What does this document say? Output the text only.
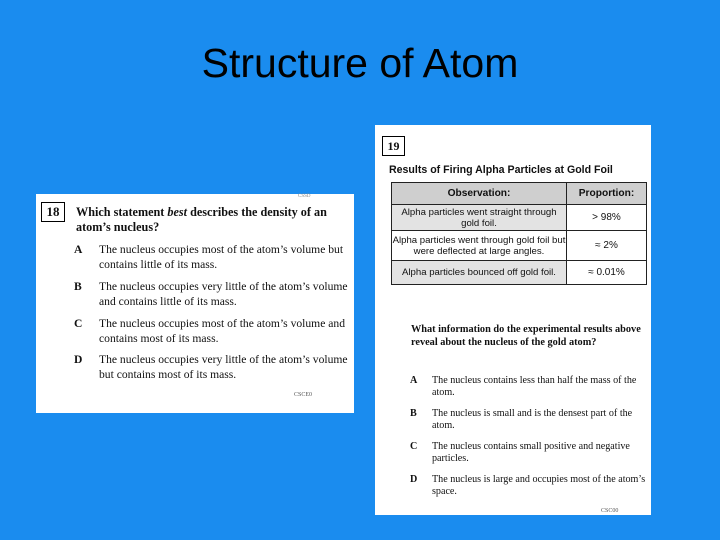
Structure of Atom
CSSD
18	Which statement best describes the density of an atom’s nucleus?
A The nucleus occupies most of the atom’s volume but contains little of its mass.
B The nucleus occupies very little of the atom’s volume and contains little of its mass.
C The nucleus occupies most of the atom’s volume and contains most of its mass.
D The nucleus occupies very little of the atom’s volume but contains most of its mass.
CSCE0
19
Results of Firing Alpha Particles at Gold Foil
Observation:	Proportion:
Alpha particles went straight through gold foil.	> 98%
Alpha particles went through gold foil but were deflected at large angles.	≈ 2%
Alpha particles bounced off gold foil.	≈ 0.01%
What information do the experimental results above reveal about the nucleus of the gold atom?
A The nucleus contains less than half the mass of the atom.
B The nucleus is small and is the densest part of the atom.
C The nucleus contains small positive and negative particles.
D The nucleus is large and occupies most of the atom’s space.
CSC00
